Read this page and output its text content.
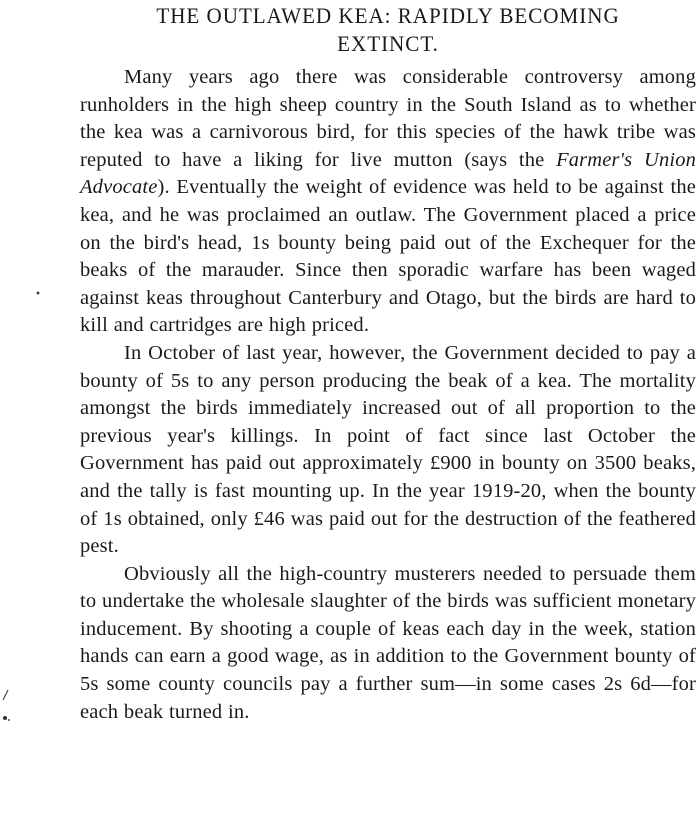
THE OUTLAWED KEA: RAPIDLY BECOMING
EXTINCT.

Many years ago there was considerable controversy among runholders in the high sheep country in the South Island as to whether the kea was a carnivorous bird, for this species of the hawk tribe was reputed to have a liking for live mutton (says the Farmer's Union Advocate). Eventually the weight of evidence was held to be against the kea, and he was proclaimed an outlaw. The Government placed a price on the bird's head, 1s bounty being paid out of the Exchequer for the beaks of the marauder. Since then sporadic warfare has been waged against keas throughout Canterbury and Otago, but the birds are hard to kill and cartridges are high priced.

In October of last year, however, the Government decided to pay a bounty of 5s to any person producing the beak of a kea. The mortality amongst the birds immediately increased out of all proportion to the previous year's killings. In point of fact since last October the Government has paid out approximately £900 in bounty on 3500 beaks, and the tally is fast mounting up. In the year 1919-20, when the bounty of 1s obtained, only £46 was paid out for the destruction of the feathered pest.

Obviously all the high-country musterers needed to persuade them to undertake the wholesale slaughter of the birds was sufficient monetary inducement. By shooting a couple of keas each day in the week, station hands can earn a good wage, as in addition to the Government bounty of 5s some county councils pay a further sum—in some cases 2s 6d—for each beak turned in.
